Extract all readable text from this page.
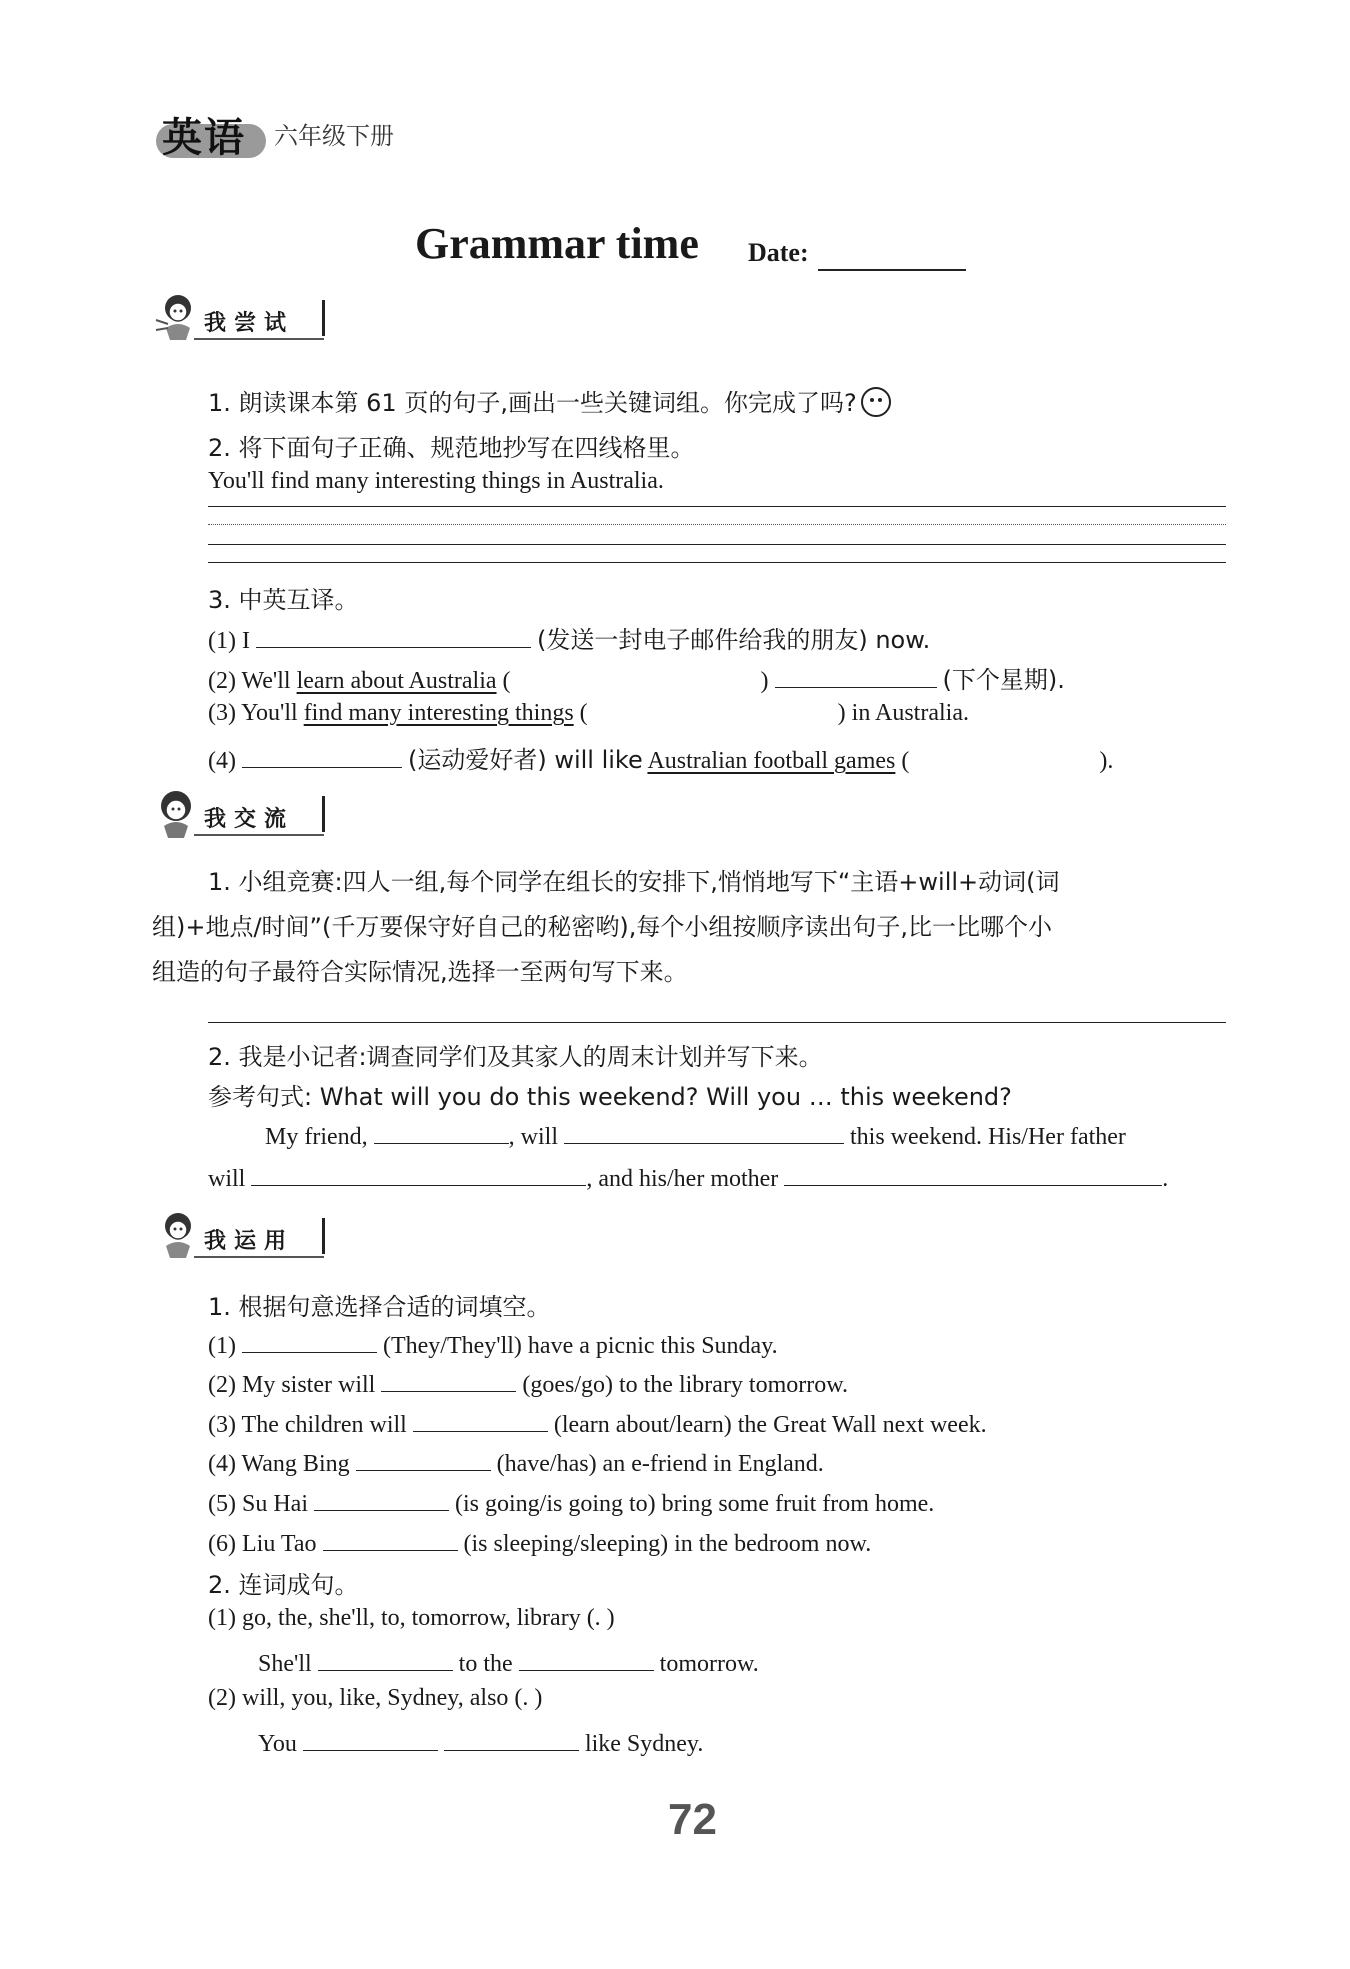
英语 六年级下册
Grammar time Date:
我尝试
1. 朗读课本第 61 页的句子,画出一些关键词组。你完成了吗?
2. 将下面句子正确、规范地抄写在四线格里。
You'll find many interesting things in Australia.
3. 中英互译。
(1) I	(发送一封电子邮件给我的朋友) now.
(2) We'll learn about Australia (	)	(下个星期).
(3) You'll find many interesting things (	) in Australia.
(4)	(运动爱好者) will like Australian football games (	).
我交流
1. 小组竞赛:四人一组,每个同学在组长的安排下,悄悄地写下“主语+will+动词(词
组)+地点/时间”(千万要保守好自己的秘密哟),每个小组按顺序读出句子,比一比哪个小
组造的句子最符合实际情况,选择一至两句写下来。
2. 我是小记者:调查同学们及其家人的周末计划并写下来。
参考句式: What will you do this weekend? Will you … this weekend?
My friend,	, will	this weekend. His/Her father
will	, and his/her mother	.
我运用
1. 根据句意选择合适的词填空。
(1)	(They/They'll) have a picnic this Sunday.
(2) My sister will	(goes/go) to the library tomorrow.
(3) The children will	(learn about/learn) the Great Wall next week.
(4) Wang Bing	(have/has) an e-friend in England.
(5) Su Hai	(is going/is going to) bring some fruit from home.
(6) Liu Tao	(is sleeping/sleeping) in the bedroom now.
2. 连词成句。
(1) go, the, she'll, to, tomorrow, library (. )
She'll	to the	tomorrow.
(2) will, you, like, Sydney, also (. )
You	like Sydney.
72
